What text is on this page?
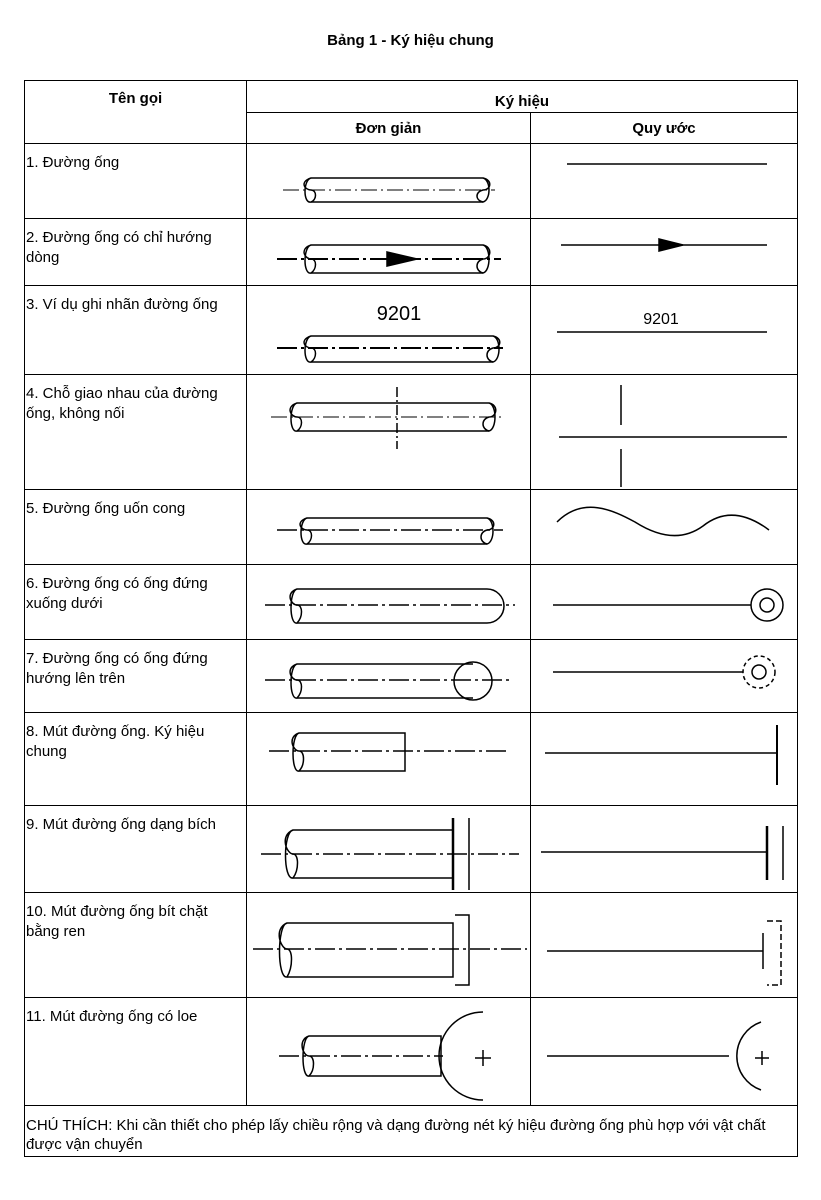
Bảng 1 - Ký hiệu chung
Tên gọi	Ký hiệu	
	Đơn giản	Quy ước
1. Đường ống	

2. Đường ống có chỉ hướng dòng	

3. Ví dụ ghi nhãn đường ống	9201	9201

4. Chỗ giao nhau của đường ống, không nối	

5. Đường ống uốn cong	

6. Đường ống có ống đứng xuống dưới	

7. Đường ống có ống đứng hướng lên trên	

8. Mút đường ống. Ký hiệu chung	

9. Mút đường ống dạng bích	

10. Mút đường ống bít chặt bằng ren	

11. Mút đường ống có loe	

CHÚ THÍCH: Khi cần thiết cho phép lấy chiều rộng và dạng đường nét ký hiệu đường ống phù hợp với vật chất được vận chuyển		
